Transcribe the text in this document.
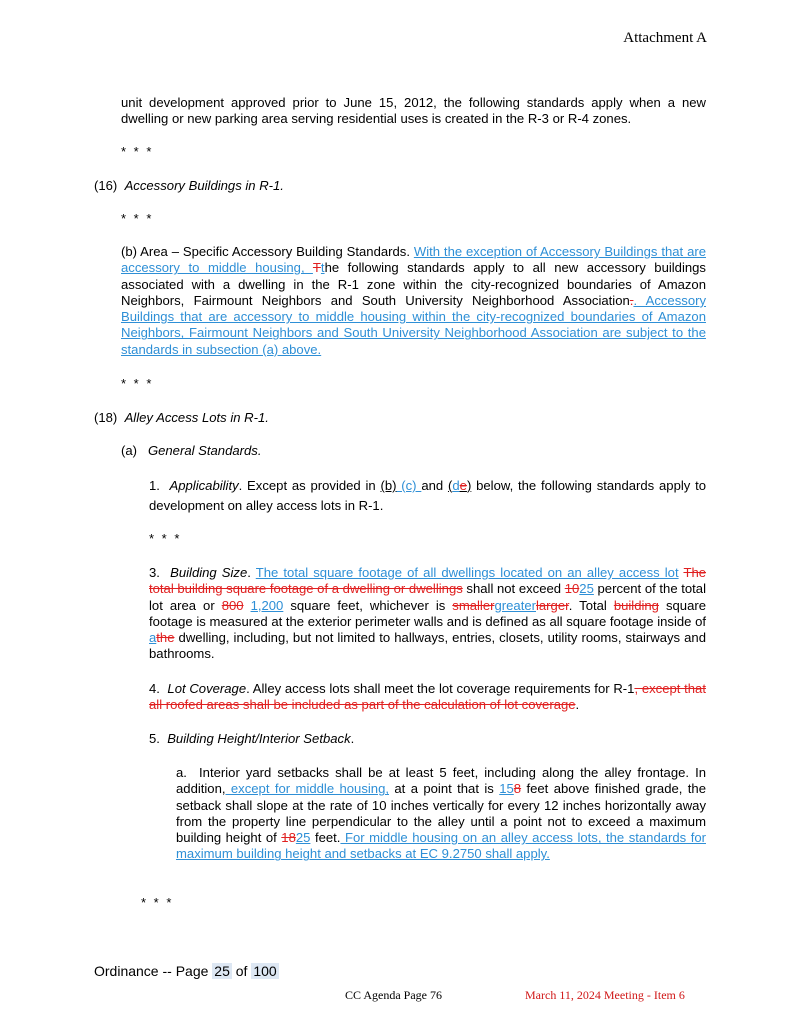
Attachment A
unit development approved prior to June 15, 2012, the following standards apply when a new dwelling or new parking area serving residential uses is created in the R-3 or R-4 zones.
* * *
(16) Accessory Buildings in R-1.
* * *
(b) Area – Specific Accessory Building Standards. With the exception of Accessory Buildings that are accessory to middle housing, Tthe following standards apply to all new accessory buildings associated with a dwelling in the R-1 zone within the city-recognized boundaries of Amazon Neighbors, Fairmount Neighbors and South University Neighborhood Association.. Accessory Buildings that are accessory to middle housing within the city-recognized boundaries of Amazon Neighbors, Fairmount Neighbors and South University Neighborhood Association are subject to the standards in subsection (a) above.
* * *
(18) Alley Access Lots in R-1.
(a) General Standards.
1. Applicability. Except as provided in (b) (c) and (de) below, the following standards apply to development on alley access lots in R-1.
* * *
3. Building Size. The total square footage of all dwellings located on an alley access lot The total building square footage of a dwelling or dwellings shall not exceed 1025 percent of the total lot area or 800 1,200 square feet, whichever is smallergreaterlarger. Total building square footage is measured at the exterior perimeter walls and is defined as all square footage inside of athe dwelling, including, but not limited to hallways, entries, closets, utility rooms, stairways and bathrooms.
4. Lot Coverage. Alley access lots shall meet the lot coverage requirements for R-1, except that all roofed areas shall be included as part of the calculation of lot coverage.
5. Building Height/Interior Setback.
a. Interior yard setbacks shall be at least 5 feet, including along the alley frontage. In addition, except for middle housing, at a point that is 158 feet above finished grade, the setback shall slope at the rate of 10 inches vertically for every 12 inches horizontally away from the property line perpendicular to the alley until a point not to exceed a maximum building height of 1825 feet. For middle housing on an alley access lots, the standards for maximum building height and setbacks at EC 9.2750 shall apply.
* * *
Ordinance -- Page 25 of 100
CC Agenda Page 76	March 11, 2024 Meeting - Item 6
